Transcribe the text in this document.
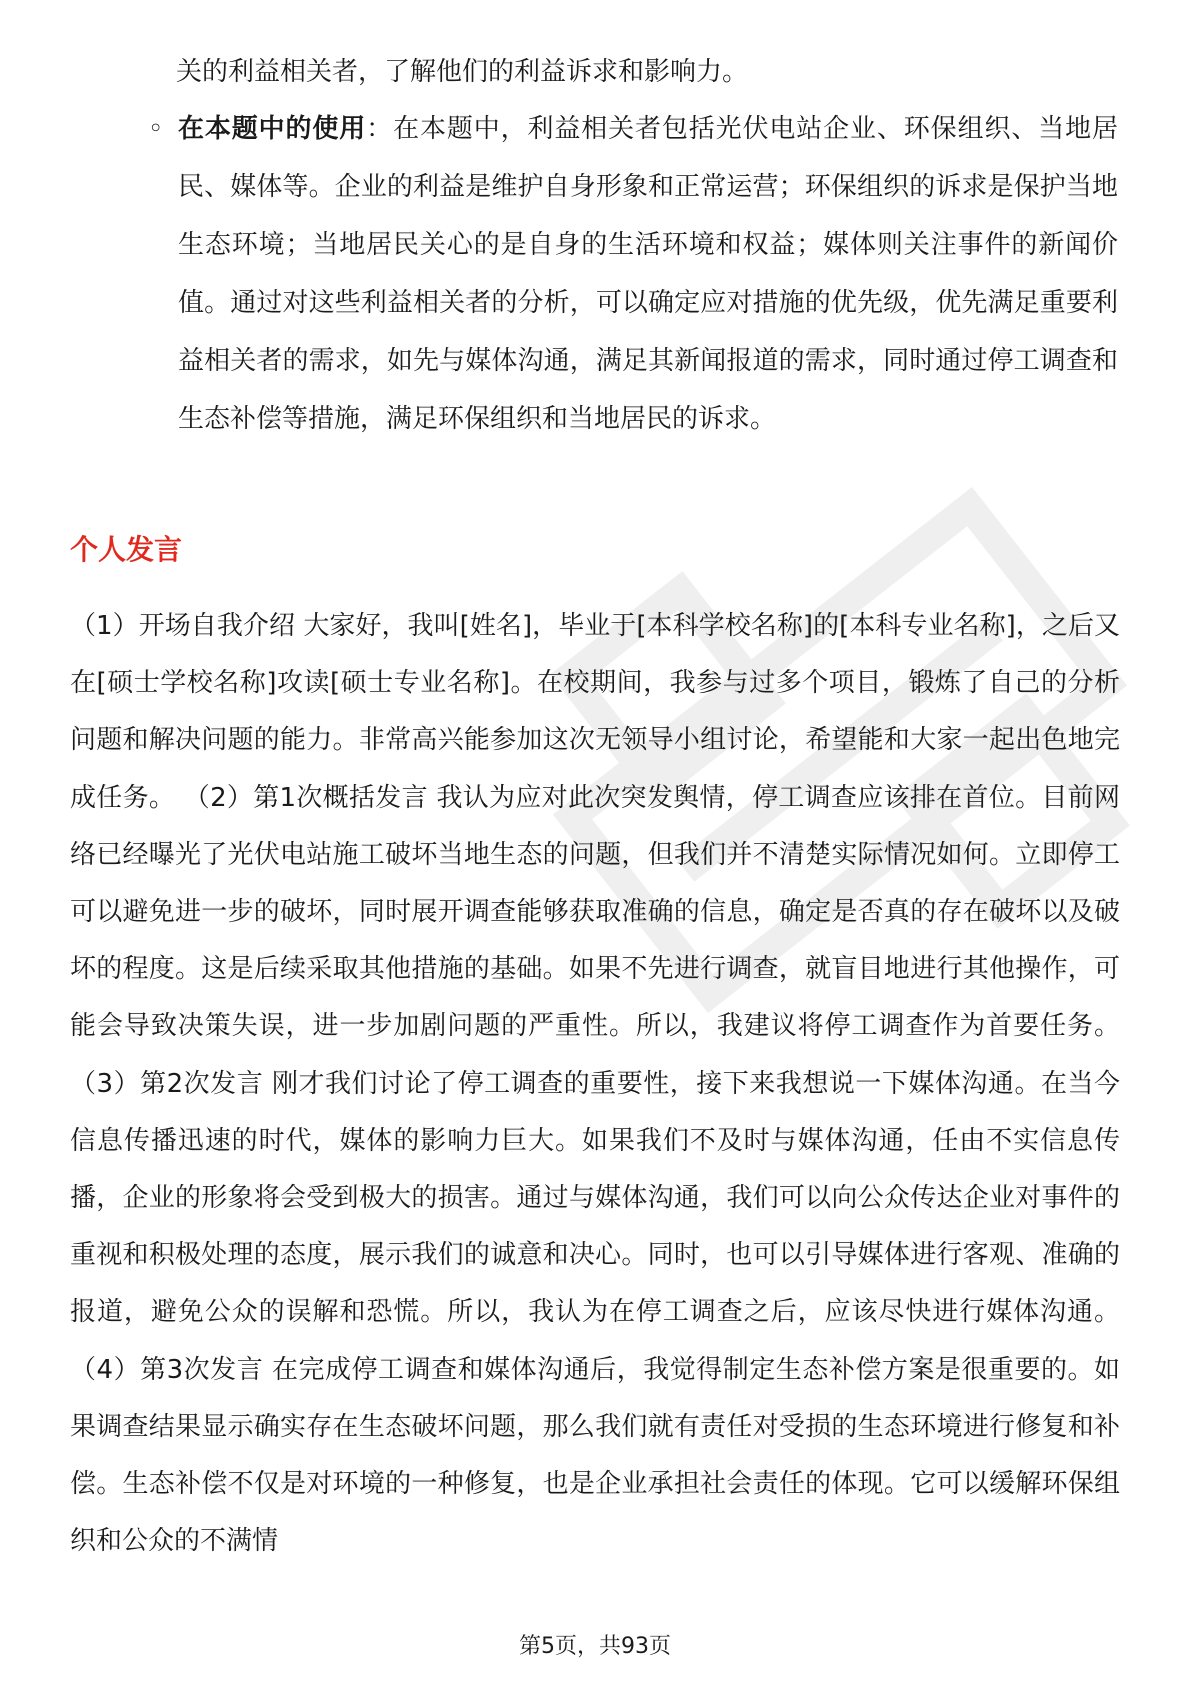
关的利益相关者，了解他们的利益诉求和影响力。
◦ 在本题中的使用：在本题中，利益相关者包括光伏电站企业、环保组织、当地居民、媒体等。企业的利益是维护自身形象和正常运营；环保组织的诉求是保护当地生态环境；当地居民关心的是自身的生活环境和权益；媒体则关注事件的新闻价值。通过对这些利益相关者的分析，可以确定应对措施的优先级，优先满足重要利益相关者的需求，如先与媒体沟通，满足其新闻报道的需求，同时通过停工调查和生态补偿等措施，满足环保组织和当地居民的诉求。
个人发言
（1）开场自我介绍 大家好，我叫[姓名]，毕业于[本科学校名称]的[本科专业名称]，之后又在[硕士学校名称]攻读[硕士专业名称]。在校期间，我参与过多个项目，锻炼了自己的分析问题和解决问题的能力。非常高兴能参加这次无领导小组讨论，希望能和大家一起出色地完成任务。 （2）第1次概括发言 我认为应对此次突发舆情，停工调查应该排在首位。目前网络已经曝光了光伏电站施工破坏当地生态的问题，但我们并不清楚实际情况如何。立即停工可以避免进一步的破坏，同时展开调查能够获取准确的信息，确定是否真的存在破坏以及破坏的程度。这是后续采取其他措施的基础。如果不先进行调查，就盲目地进行其他操作，可能会导致决策失误，进一步加剧问题的严重性。所以，我建议将停工调查作为首要任务。 （3）第2次发言 刚才我们讨论了停工调查的重要性，接下来我想说一下媒体沟通。在当今信息传播迅速的时代，媒体的影响力巨大。如果我们不及时与媒体沟通，任由不实信息传播，企业的形象将会受到极大的损害。通过与媒体沟通，我们可以向公众传达企业对事件的重视和积极处理的态度，展示我们的诚意和决心。同时，也可以引导媒体进行客观、准确的报道，避免公众的误解和恐慌。所以，我认为在停工调查之后，应该尽快进行媒体沟通。 （4）第3次发言 在完成停工调查和媒体沟通后，我觉得制定生态补偿方案是很重要的。如果调查结果显示确实存在生态破坏问题，那么我们就有责任对受损的生态环境进行修复和补偿。生态补偿不仅是对环境的一种修复，也是企业承担社会责任的体现。它可以缓解环保组织和公众的不满情
第5页，共93页
